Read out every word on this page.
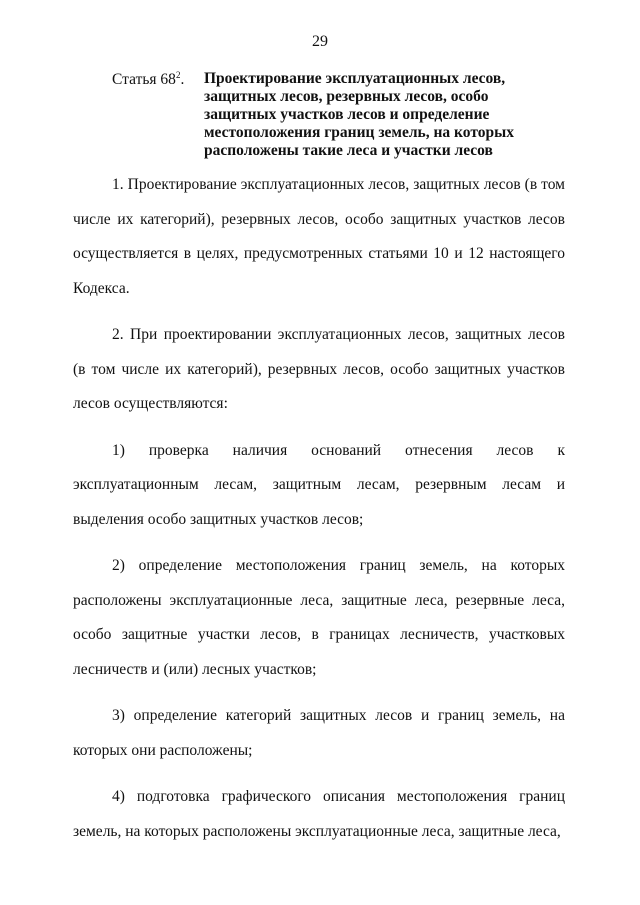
29
Статья $68^2$. Проектирование эксплуатационных лесов, защитных лесов, резервных лесов, особо защитных участков лесов и определение местоположения границ земель, на которых расположены такие леса и участки лесов

1. Проектирование эксплуатационных лесов, защитных лесов (в том числе их категорий), резервных лесов, особо защитных участков лесов осуществляется в целях, предусмотренных статьями 10 и 12 настоящего Кодекса.

2. При проектировании эксплуатационных лесов, защитных лесов (в том числе их категорий), резервных лесов, особо защитных участков лесов осуществляются:

1) проверка наличия оснований отнесения лесов к эксплуатационным лесам, защитным лесам, резервным лесам и выделения особо защитных участков лесов;

2) определение местоположения границ земель, на которых расположены эксплуатационные леса, защитные леса, резервные леса, особо защитные участки лесов, в границах лесничеств, участковых лесничеств и (или) лесных участков;

3) определение категорий защитных лесов и границ земель, на которых они расположены;

4) подготовка графического описания местоположения границ земель, на которых расположены эксплуатационные леса, защитные леса,
